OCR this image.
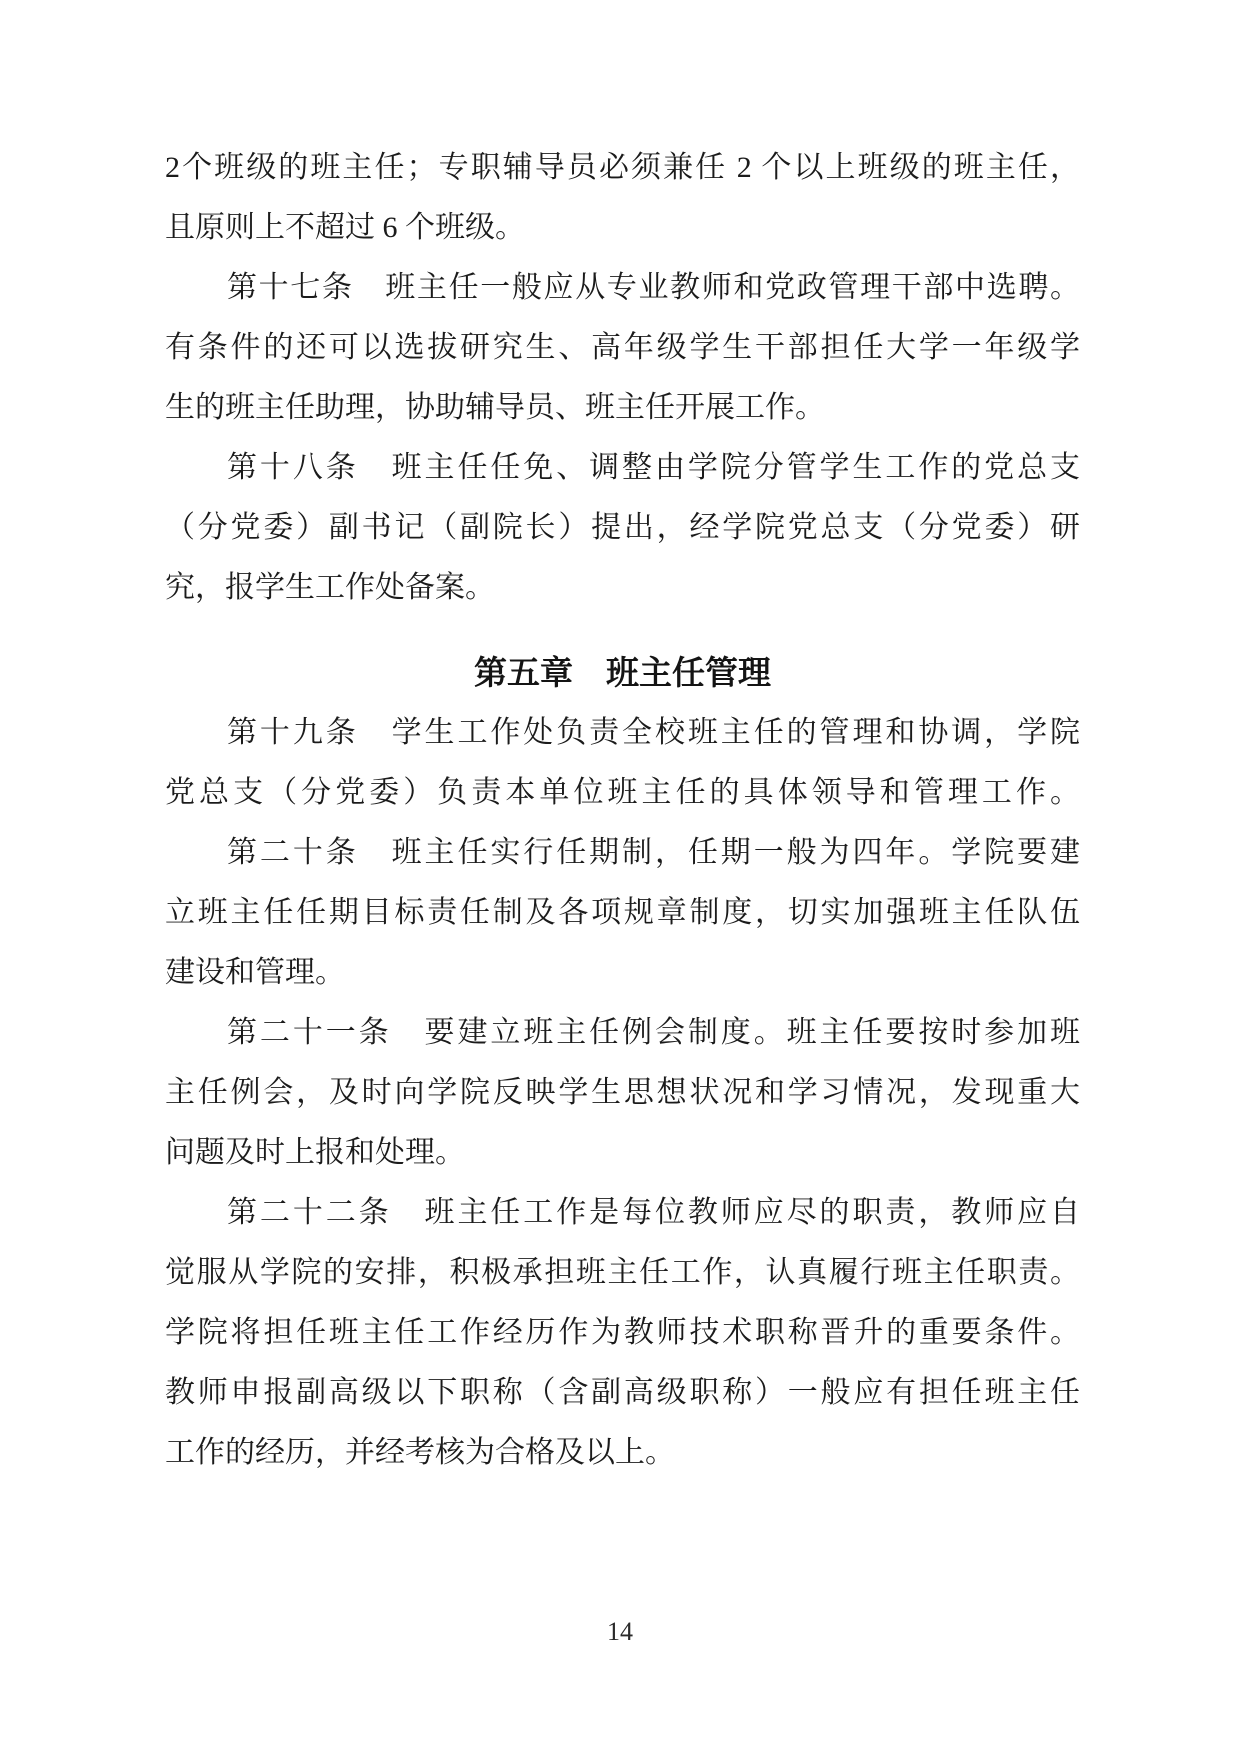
2个班级的班主任；专职辅导员必须兼任 2 个以上班级的班主任，
且原则上不超过 6 个班级。
第十七条　班主任一般应从专业教师和党政管理干部中选聘。
有条件的还可以选拔研究生、高年级学生干部担任大学一年级学
生的班主任助理，协助辅导员、班主任开展工作。
第十八条　班主任任免、调整由学院分管学生工作的党总支
（分党委）副书记（副院长）提出，经学院党总支（分党委）研
究，报学生工作处备案。
第五章　班主任管理
第十九条　学生工作处负责全校班主任的管理和协调，学院
党总支（分党委）负责本单位班主任的具体领导和管理工作。
第二十条　班主任实行任期制，任期一般为四年。学院要建
立班主任任期目标责任制及各项规章制度，切实加强班主任队伍
建设和管理。
第二十一条　要建立班主任例会制度。班主任要按时参加班
主任例会，及时向学院反映学生思想状况和学习情况，发现重大
问题及时上报和处理。
第二十二条　班主任工作是每位教师应尽的职责，教师应自
觉服从学院的安排，积极承担班主任工作，认真履行班主任职责。
学院将担任班主任工作经历作为教师技术职称晋升的重要条件。
教师申报副高级以下职称（含副高级职称）一般应有担任班主任
工作的经历，并经考核为合格及以上。
14
